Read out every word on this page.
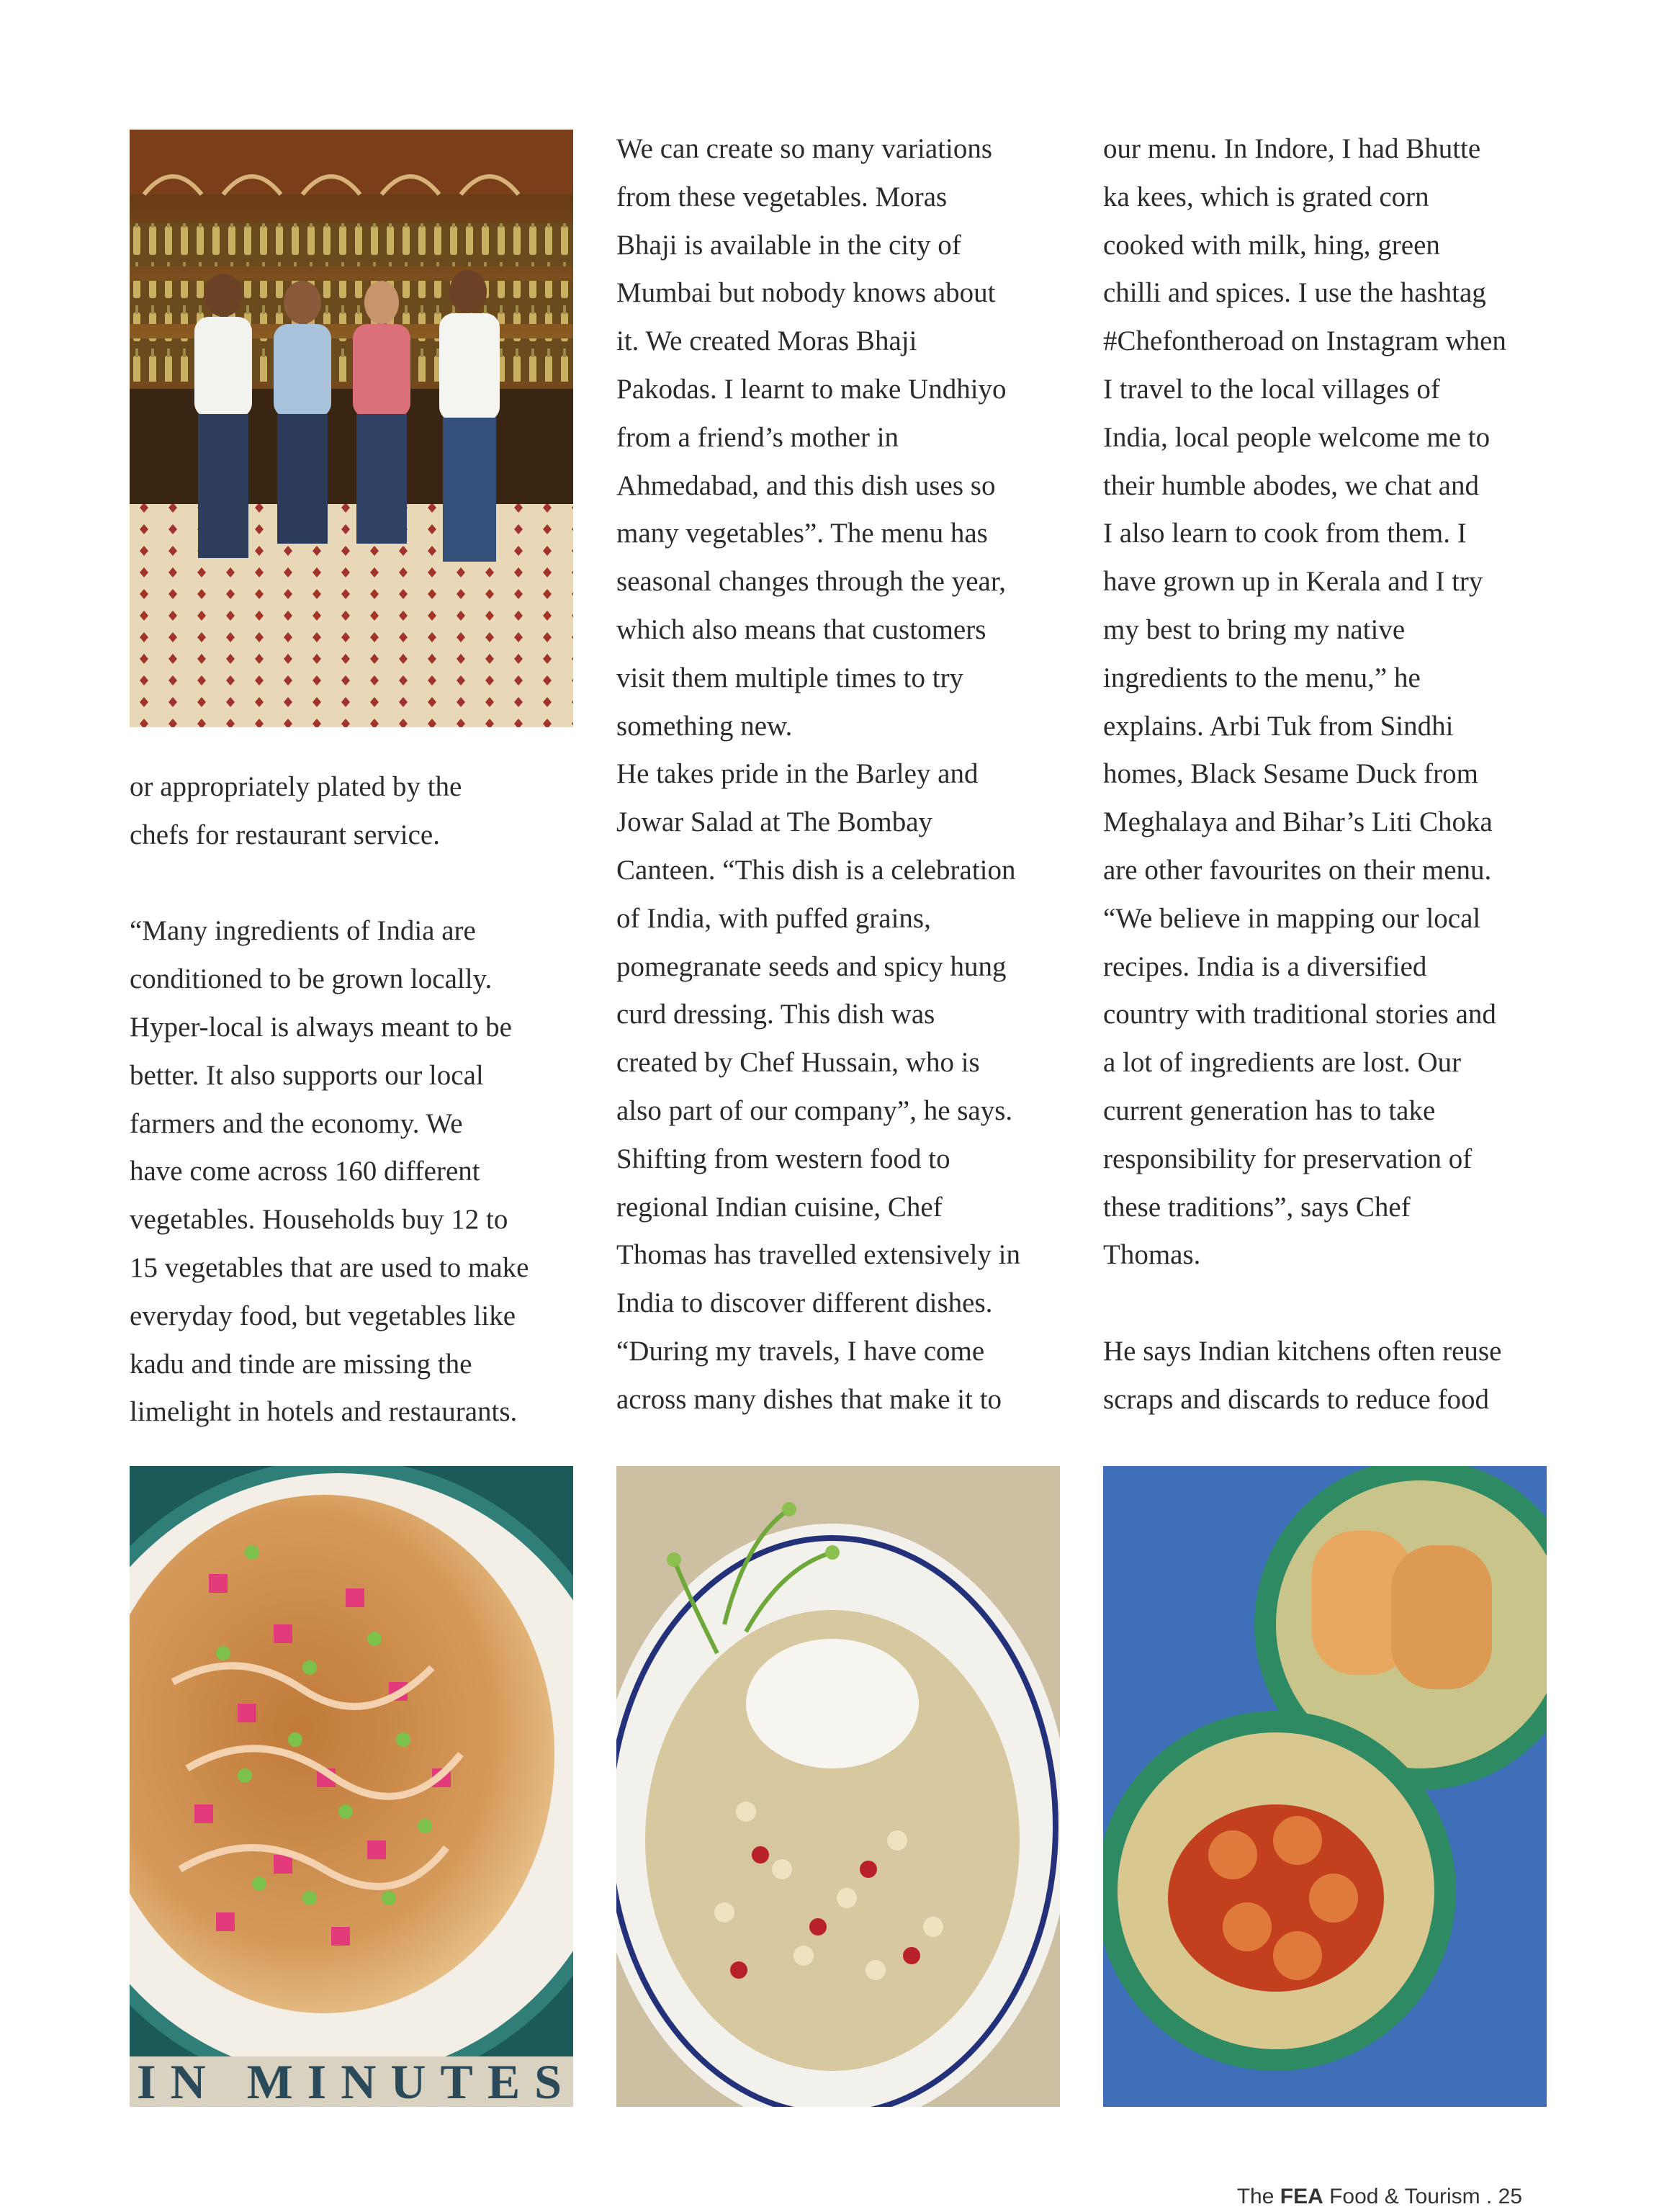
or appropriately plated by the

chefs for restaurant service.

“Many ingredients of India are

conditioned to be grown locally.

Hyper-local is always meant to be

better. It also supports our local

farmers and the economy. We

have come across 160 different

vegetables. Households buy 12 to

15 vegetables that are used to make

everyday food, but vegetables like

kadu and tinde are missing the

limelight in hotels and restaurants.

We can create so many variations

from these vegetables. Moras

Bhaji is available in the city of

Mumbai but nobody knows about

it. We created Moras Bhaji

Pakodas. I learnt to make Undhiyo

from a friend’s mother in

Ahmedabad, and this dish uses so

many vegetables”. The menu has

seasonal changes through the year,

which also means that customers

visit them multiple times to try

something new.

He takes pride in the Barley and

Jowar Salad at The Bombay

Canteen. “This dish is a celebration

of India, with puffed grains,

pomegranate seeds and spicy hung

curd dressing. This dish was

created by Chef Hussain, who is

also part of our company”, he says.

Shifting from western food to

regional Indian cuisine, Chef

Thomas has travelled extensively in

India to discover different dishes.

“During my travels, I have come

across many dishes that make it to

our menu. In Indore, I had Bhutte

ka kees, which is grated corn

cooked with milk, hing, green

chilli and spices. I use the hashtag

#Chefontheroad on Instagram when

I travel to the local villages of

India, local people welcome me to

their humble abodes, we chat and

I also learn to cook from them. I

have grown up in Kerala and I try

my best to bring my native

ingredients to the menu,” he

explains. Arbi Tuk from Sindhi

homes, Black Sesame Duck from

Meghalaya and Bihar’s Liti Choka

are other favourites on their menu.

“We believe in mapping our local

recipes. India is a diversified

country with traditional stories and

a lot of ingredients are lost. Our

current generation has to take

responsibility for preservation of

these traditions”, says Chef

Thomas.

He says Indian kitchens often reuse

scraps and discards to reduce food

IN MINUTES
The FEA Food & Tourism . 25
